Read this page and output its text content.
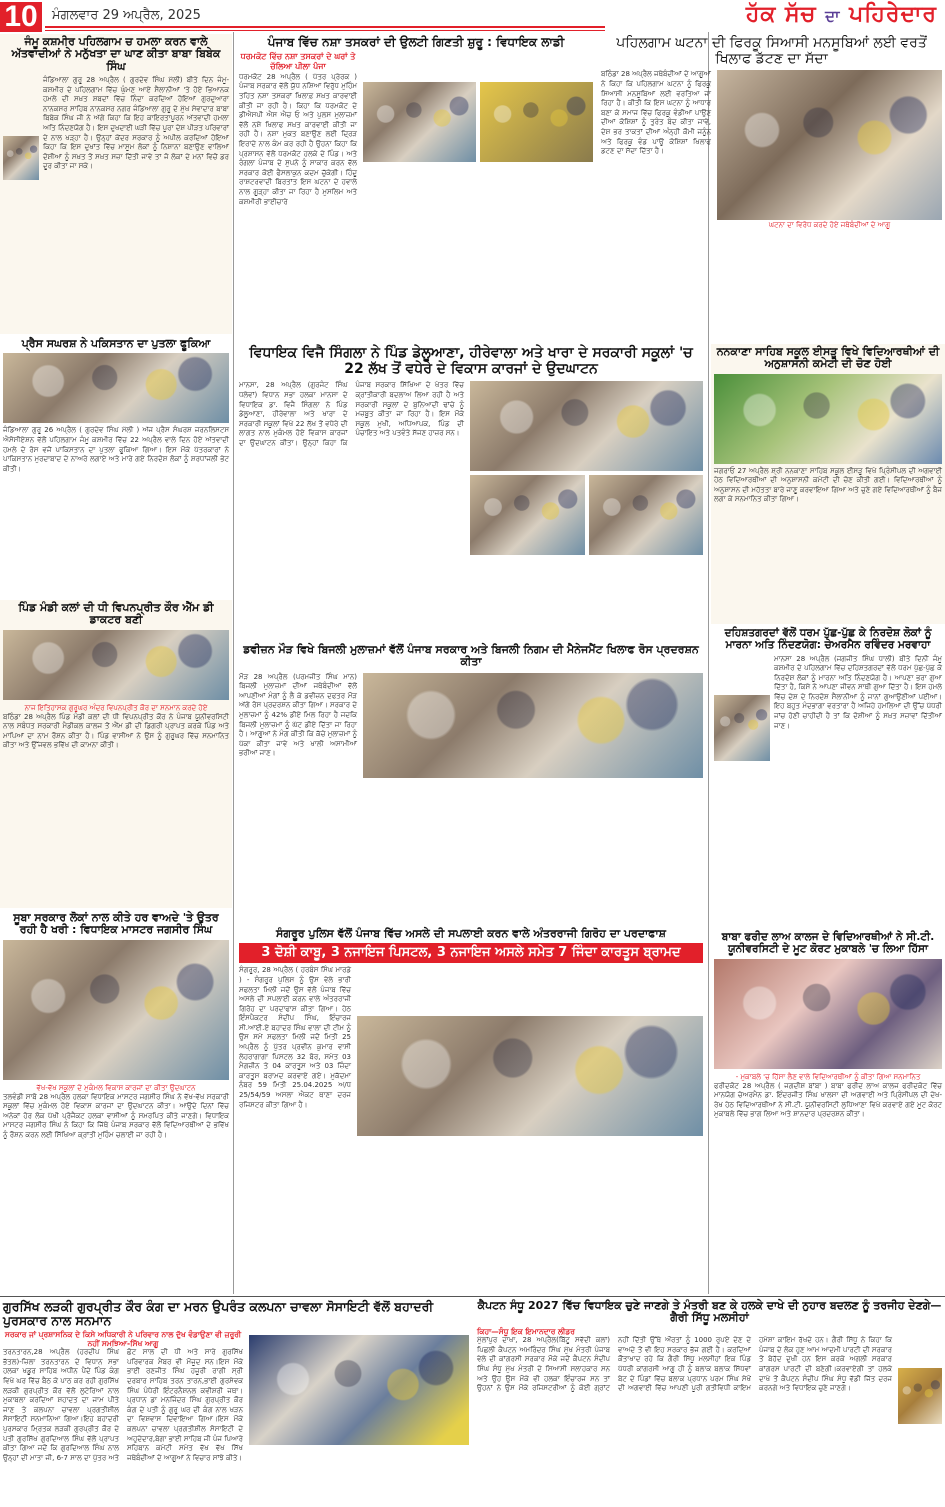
10	ਮੰਗਲਵਾਰ 29 ਅਪ੍ਰੈਲ, 2025	ਹੱਕ ਸੱਚ ਦਾ ਪਹਿਰੇਦਾਰ
ਜੰਮੂ ਕਸ਼ਮੀਰ ਪਹਿਲਗਾਮ ਚ ਹਮਲਾ ਕਰਨ ਵਾਲੇ ਅੱਤਵਾਦੀਆਂ ਨੇ ਮਨੁੱਖਤਾ ਦਾ ਘਾਣ ਕੀਤਾ ਬਾਬਾ ਬਿਬੇਕ ਸਿੰਘ
ਜੰਡਿਆਲਾ ਗੁਰੂ 28 ਅਪ੍ਰੈਲ ( ਗੁਰਦੇਵ ਸਿੰਘ ਮੱਲੀ) ਬੀਤੇ ਦਿਨ ਜੰਮੂ-ਕਸ਼ਮੀਰ ਦੇ ਪਹਿਲਗਾਮ ਵਿੱਚ ਘੁੰਮਣ ਆਏ ਸੈਲਾਨੀਆਂ 'ਤੇ ਹੋਏ ਭਿਆਨਕ ਹਮਲੇ ਦੀ ਸਖ਼ਤ ਸ਼ਬਦਾਂ ਵਿੱਚ ਨਿੰਦਾ ਕਰਦਿਆਂ ਹੋਇਆਂ ਗੁਰਦੁਆਰਾ ਨਾਨਕਸਰ ਸਾਹਿਬ ਨਾਨਕਸਰ ਨਗਰ ਜੰਡਿਆਲਾ ਗੁਰੂ ਦੇ ਮੁੱਖ ਸੇਵਾਦਾਰ ਬਾਬਾ ਬਿਬੇਕ ਸਿੰਘ ਜੀ ਨੇ ਅੱਗੇ ਕਿਹਾ ਕਿ ਇਹ ਕਾਇਰਤਾਪੂਰਨ ਅੱਤਵਾਦੀ ਹਮਲਾ ਅਤਿ ਨਿੰਦਣਯੋਗ ਹੈ। ਇਸ ਦੁਖਦਾਈ ਘੜੀ ਵਿੱਚ ਪੂਰਾ ਦੇਸ਼ ਪੀੜਤ ਪਰਿਵਾਰਾਂ ਦੇ ਨਾਲ ਖੜ੍ਹਾ ਹੈ। ਉਨ੍ਹਾਂ ਕੇਂਦਰ ਸਰਕਾਰ ਨੂੰ ਅਪੀਲ ਕਰਦਿਆਂ ਹੋਇਆਂ ਕਿਹਾ ਕਿ ਇਸ ਦੁਖਾਂਤ ਵਿੱਚ ਮਾਸੂਮ ਲੋਕਾਂ ਨੂੰ ਨਿਸ਼ਾਨਾ ਬਣਾਉਣ ਵਾਲਿਆਂ ਦੋਸ਼ੀਆਂ ਨੂੰ ਸਖ਼ਤ ਤੋਂ ਸਖ਼ਤ ਸਜ਼ਾ ਦਿੱਤੀ ਜਾਵੇ ਤਾਂ ਜੋ ਲੋਕਾਂ ਦੇ ਮਨਾਂ ਵਿਚੋਂ ਡਰ ਦੂਰ ਕੀਤਾ ਜਾ ਸਕੇ।
ਪ੍ਰੈਸ ਸਘਰਸ਼ ਨੇ ਪਕਿਸਤਾਨ ਦਾ ਪੁਤਲਾ ਫੂਕਿਆ
ਜੰਡਿਆਲਾ ਗੁਰੂ 26 ਅਪ੍ਰੈਲ ( ਗੁਰਦੇਵ ਸਿੰਘ ਮੱਲੀ ) ਅੱਜ ਪ੍ਰੈਸ ਸੰਘਰਸ਼ ਜਰਨਲਿਸਟਸ ਐਸੋਸੀਏਸ਼ਨ ਵੱਲੋਂ ਪਹਿਲਗਾਮ ਜੰਮੂ ਕਸ਼ਮੀਰ ਵਿੱਚ 22 ਅਪ੍ਰੈਲ ਵਾਲੇ ਦਿਨ ਹੋਏ ਅੱਤਵਾਦੀ ਹਮਲੇ ਦੇ ਰੋਸ ਵਜੋਂ ਪਾਕਿਸਤਾਨ ਦਾ ਪੁਤਲਾ ਫੂਕਿਆ ਗਿਆ। ਇਸ ਮੌਕੇ ਪੱਤਰਕਾਰਾਂ ਨੇ ਪਾਕਿਸਤਾਨ ਮੁਰਦਾਬਾਦ ਦੇ ਨਾਅਰੇ ਲਗਾਏ ਅਤੇ ਮਾਰੇ ਗਏ ਨਿਰਦੋਸ਼ ਲੋਕਾਂ ਨੂੰ ਸ਼ਰਧਾਂਜਲੀ ਭੇਟ ਕੀਤੀ।
ਪਿੰਡ ਮੰਡੀ ਕਲਾਂ ਦੀ ਧੀ ਵਿਪਨਪ੍ਰੀਤ ਕੌਰ ਐੱਮ ਡੀ ਡਾਕਟਰ ਬਣੀ
ਨਾਜ ਇਤਿਹਾਸਕ ਗੁਰੂਘਰ ਅੰਦਰ ਵਿਪਨਪ੍ਰੀਤ ਕੌਰ ਦਾ ਸਨਮਾਨ ਕਰਦੇ ਹੋਏ
ਬਠਿੰਡਾ 28 ਅਪ੍ਰੈਲ ਪਿੰਡ ਮੰਡੀ ਕਲਾਂ ਦੀ ਧੀ ਵਿਪਨਪ੍ਰੀਤ ਕੌਰ ਨੇ ਪੰਜਾਬ ਯੂਨੀਵਰਸਿਟੀ ਨਾਲ ਸਬੰਧਤ ਸਰਕਾਰੀ ਮੈਡੀਕਲ ਕਾਲਜ ਤੋਂ ਐੱਮ ਡੀ ਦੀ ਡਿਗਰੀ ਪ੍ਰਾਪਤ ਕਰਕੇ ਪਿੰਡ ਅਤੇ ਮਾਪਿਆਂ ਦਾ ਨਾਮ ਰੌਸ਼ਨ ਕੀਤਾ ਹੈ। ਪਿੰਡ ਵਾਸੀਆਂ ਨੇ ਉਸ ਨੂੰ ਗੁਰੂਘਰ ਵਿੱਚ ਸਨਮਾਨਿਤ ਕੀਤਾ ਅਤੇ ਉੱਜਵਲ ਭਵਿੱਖ ਦੀ ਕਾਮਨਾ ਕੀਤੀ।
ਸੂਬਾ ਸਰਕਾਰ ਲੋਕਾਂ ਨਾਲ ਕੀਤੇ ਹਰ ਵਾਅਦੇ 'ਤੇ ਉਤਰ ਰਹੀ ਹੈ ਖਰੀ : ਵਿਧਾਇਕ ਮਾਸਟਰ ਜਗਸੀਰ ਸਿੰਘ
ਵੱਖ-ਵੱਖ ਸਕੂਲਾਂ ਦੇ ਮੁਕੰਮਲ ਵਿਕਾਸ ਕਾਰਜਾਂ ਦਾ ਕੀਤਾ ਉਦਘਾਟਨ
ਤਲਵੰਡੀ ਸਾਬੋ 28 ਅਪ੍ਰੈਲ ਹਲਕਾ ਵਿਧਾਇਕ ਮਾਸਟਰ ਜਗਸੀਰ ਸਿੰਘ ਨੇ ਵੱਖ-ਵੱਖ ਸਰਕਾਰੀ ਸਕੂਲਾਂ ਵਿੱਚ ਮੁਕੰਮਲ ਹੋਏ ਵਿਕਾਸ ਕਾਰਜਾਂ ਦਾ ਉਦਘਾਟਨ ਕੀਤਾ। ਆਉਂਦੇ ਦਿਨਾਂ ਵਿੱਚ ਅਨੇਕਾਂ ਹੋਰ ਲੋਕ ਪੱਖੀ ਪ੍ਰੋਜੈਕਟ ਹਲਕਾ ਵਾਸੀਆਂ ਨੂੰ ਸਮਰਪਿਤ ਕੀਤੇ ਜਾਣਗੇ। ਵਿਧਾਇਕ ਮਾਸਟਰ ਜਗਸੀਰ ਸਿੰਘ ਨੇ ਕਿਹਾ ਕਿ ਜਿੱਥੇ ਪੰਜਾਬ ਸਰਕਾਰ ਵੱਲੋਂ ਵਿਦਿਆਰਥੀਆਂ ਦੇ ਭਵਿੱਖ ਨੂੰ ਰੌਸ਼ਨ ਕਰਨ ਲਈ ਸਿੱਖਿਆ ਕ੍ਰਾਂਤੀ ਮੁਹਿੰਮ ਚਲਾਈ ਜਾ ਰਹੀ ਹੈ।
ਪੰਜਾਬ ਵਿੱਚ ਨਸ਼ਾ ਤਸਕਰਾਂ ਦੀ ਉਲਟੀ ਗਿਣਤੀ ਸ਼ੁਰੂ : ਵਿਧਾਇਕ ਲਾਡੀ
ਧਰਮਕੋਟ ਵਿੱਚ ਨਸ਼ਾ ਤਸਕਰਾਂ ਦੇ ਘਰਾਂ ਤੇ ਚੱਲਿਆ ਪੀਲਾ ਪੰਜਾ
ਧਰਮਕੋਟ 28 ਅਪ੍ਰੈਲ ( ਪੱਤਰ ਪ੍ਰੇਰਕ ) ਪੰਜਾਬ ਸਰਕਾਰ ਵੱਲੋਂ ਯੁੱਧ ਨਸ਼ਿਆਂ ਵਿਰੁੱਧ ਮੁਹਿੰਮ ਤਹਿਤ ਨਸ਼ਾ ਤਸਕਰਾਂ ਖਿਲਾਫ਼ ਸਖ਼ਤ ਕਾਰਵਾਈ ਕੀਤੀ ਜਾ ਰਹੀ ਹੈ। ਕਿਹਾ ਕਿ ਧਰਮਕੋਟ ਦੇ ਡੀਐਸਪੀ ਐਸ ਐਚ ਓ ਅਤੇ ਪੁਲਸ ਮੁਲਾਜ਼ਮਾਂ ਵੱਲੋਂ ਨਸ਼ੇ ਖਿਲਾਫ ਸਖ਼ਤ ਕਾਰਵਾਈ ਕੀਤੀ ਜਾ ਰਹੀ ਹੈ। ਨਸ਼ਾ ਮੁਕਤ ਬਣਾਉਣ ਲਈ ਦ੍ਰਿੜ ਇਰਾਦੇ ਨਾਲ ਕੰਮ ਕਰ ਰਹੀ ਹੈ ਉਹਨਾ ਕਿਹਾ ਕਿ ਪ੍ਰਸ਼ਾਸਨ ਵੱਲੋਂ ਧਰਮਕੋਟ ਹਲਕੇ ਦੇ ਪਿੰਡ। ਅਤੇ ਰੰਗਲਾ ਪੰਜਾਬ ਦੇ ਸੁਪਨੇ ਨੂੰ ਸਾਕਾਰ ਕਰਨ ਵੱਲ ਸਰਕਾਰ ਕੋਈ ਫੈਸਲਾਕੁਨ ਕਦਮ ਚੁੱਕੇਗੀ। ਹਿੰਦੂ ਰਾਸ਼ਟਰਵਾਦੀ ਬਿਰਤਾਂਤ ਇਸ ਘਟਨਾ ਦੇ ਹਵਾਲੇ ਨਾਲ ਗੂੜ੍ਹਾ ਕੀਤਾ ਜਾ ਰਿਹਾ ਹੈ ਮੁਸਲਿਮ ਅਤੇ ਕਸ਼ਮੀਰੀ ਭਾਈਚਾਰੇ
ਪਹਿਲਗਾਮ ਘਟਨਾ ਦੀ ਫਿਰਕੂ ਸਿਆਸੀ ਮਨਸੂਬਿਆਂ ਲਈ ਵਰਤੋਂ ਖਿਲਾਫ ਡੱਟਣ ਦਾ ਸੱਦਾ
ਬਠਿੰਡਾ 28 ਅਪ੍ਰੈਲ ਜਥੇਬੰਦੀਆਂ ਦੇ ਆਗੂਆਂ ਨੇ ਕਿਹਾ ਕਿ ਪਹਿਲਗਾਮ ਘਟਨਾ ਨੂੰ ਫਿਰਕੂ ਸਿਆਸੀ ਮਨਸੂਬਿਆਂ ਲਈ ਵਰਤਿਆ ਜਾ ਰਿਹਾ ਹੈ। ਕੀਤੀ ਕਿ ਇਸ ਘਟਨਾ ਨੂੰ ਆਧਾਰ ਬਣਾ ਕੇ ਸਮਾਜ ਵਿੱਚ ਫਿਰਕੂ ਵੰਡੀਆਂ ਪਾਉਣ ਦੀਆਂ ਕੋਸ਼ਿਸ਼ਾਂ ਨੂੰ ਤੁਰੰਤ ਬੰਦ ਕੀਤਾ ਜਾਵੇ, ਦੇਸ਼ ਭਰ ਤਾਕਤਾਂ ਦੀਆਂ ਅੰਨ੍ਹੀ ਕੌਮੀ ਜਨੂੰਨ ਅਤੇ ਫਿਰਕੂ ਵੰਡ ਪਾਊ ਕੋਸ਼ਿਸ਼ਾਂ ਖਿਲਾਫ ਡਟਣ ਦਾ ਸੱਦਾ ਦਿੱਤਾ ਹੈ।
ਘਟਨਾ ਦਾ ਵਿਰੋਧ ਕਰਦੇ ਹੋਏ ਜਥੇਬੰਦੀਆਂ ਦੇ ਆਗੂ
ਵਿਧਾਇਕ ਵਿਜੈ ਸਿੰਗਲਾ ਨੇ ਪਿੰਡ ਡੇਲੂਆਣਾ, ਹੀਰੇਵਾਲਾ ਅਤੇ ਖਾਰਾ ਦੇ ਸਰਕਾਰੀ ਸਕੂਲਾਂ 'ਚ 22 ਲੱਖ ਤੋਂ ਵਧੇਰੇ ਦੇ ਵਿਕਾਸ ਕਾਰਜਾਂ ਦੇ ਉਦਘਾਟਨ
ਮਾਨਸਾ, 28 ਅਪ੍ਰੈਲ (ਗੁਰਜੰਟ ਸਿੰਘ ਧਲੇਵਾਂ) ਵਿਧਾਨ ਸਭਾ ਹਲਕਾ ਮਾਨਸਾ ਦੇ ਵਿਧਾਇਕ ਡਾ. ਵਿਜੈ ਸਿੰਗਲਾ ਨੇ ਪਿੰਡ ਡੇਲੂਆਣਾ, ਹੀਰੇਵਾਲਾ ਅਤੇ ਖਾਰਾ ਦੇ ਸਰਕਾਰੀ ਸਕੂਲਾਂ ਵਿਖੇ 22 ਲੱਖ ਤੋਂ ਵਧੇਰੇ ਦੀ ਲਾਗਤ ਨਾਲ ਮੁਕੰਮਲ ਹੋਏ ਵਿਕਾਸ ਕਾਰਜਾਂ ਦਾ ਉਦਘਾਟਨ ਕੀਤਾ। ਉਨ੍ਹਾਂ ਕਿਹਾ ਕਿ ਪੰਜਾਬ ਸਰਕਾਰ ਸਿੱਖਿਆ ਦੇ ਖੇਤਰ ਵਿੱਚ ਕ੍ਰਾਂਤੀਕਾਰੀ ਬਦਲਾਅ ਲਿਆ ਰਹੀ ਹੈ ਅਤੇ ਸਰਕਾਰੀ ਸਕੂਲਾਂ ਦੇ ਬੁਨਿਆਦੀ ਢਾਂਚੇ ਨੂੰ ਮਜ਼ਬੂਤ ਕੀਤਾ ਜਾ ਰਿਹਾ ਹੈ। ਇਸ ਮੌਕੇ ਸਕੂਲ ਮੁਖੀ, ਅਧਿਆਪਕ, ਪਿੰਡ ਦੀ ਪੰਚਾਇਤ ਅਤੇ ਪਤਵੰਤੇ ਸੱਜਣ ਹਾਜ਼ਰ ਸਨ।
ਨਨਕਾਣਾ ਸਾਹਿਬ ਸਕੂਲ ਈਸੜੂ ਵਿਖੇ ਵਿਦਿਆਰਥੀਆਂ ਦੀ ਅਨੁਸ਼ਾਸਨੀ ਕਮੇਟੀ ਦੀ ਚੋਣ ਹੋਈ
ਜਗਰਾਓਂ 27 ਅਪ੍ਰੈਲ ਸ਼੍ਰੀ ਨਨਕਾਣਾ ਸਾਹਿਬ ਸਕੂਲ ਈਸੜੂ ਵਿਖੇ ਪ੍ਰਿੰਸੀਪਲ ਦੀ ਅਗਵਾਈ ਹੇਠ ਵਿਦਿਆਰਥੀਆਂ ਦੀ ਅਨੁਸ਼ਾਸਨੀ ਕਮੇਟੀ ਦੀ ਚੋਣ ਕੀਤੀ ਗਈ। ਵਿਦਿਆਰਥੀਆਂ ਨੂੰ ਅਨੁਸ਼ਾਸਨ ਦੀ ਮਹੱਤਤਾ ਬਾਰੇ ਜਾਣੂ ਕਰਵਾਇਆ ਗਿਆ ਅਤੇ ਚੁਣੇ ਗਏ ਵਿਦਿਆਰਥੀਆਂ ਨੂੰ ਬੈਜ ਲਗਾ ਕੇ ਸਨਮਾਨਿਤ ਕੀਤਾ ਗਿਆ।
ਡਵੀਜ਼ਨ ਮੌੜ ਵਿਖੇ ਬਿਜਲੀ ਮੁਲਾਜ਼ਮਾਂ ਵੱਲੋਂ ਪੰਜਾਬ ਸਰਕਾਰ ਅਤੇ ਬਿਜਲੀ ਨਿਗਮ ਦੀ ਮੈਨੇਜਮੈਂਟ ਖਿਲਾਫ ਰੋਸ ਪ੍ਰਦਰਸ਼ਨ ਕੀਤਾ
ਮੌੜ 28 ਅਪ੍ਰੈਲ (ਪਰਮਜੀਤ ਸਿੰਘ ਮਾਨ) ਬਿਜਲੀ ਮੁਲਾਜ਼ਮਾਂ ਦੀਆਂ ਜਥੇਬੰਦੀਆਂ ਵੱਲੋਂ ਆਪਣੀਆਂ ਮੰਗਾਂ ਨੂੰ ਲੈ ਕੇ ਡਵੀਜ਼ਨ ਦਫਤਰ ਮੌੜ ਅੱਗੇ ਰੋਸ ਪ੍ਰਦਰਸ਼ਨ ਕੀਤਾ ਗਿਆ। ਸਰਕਾਰ ਦੇ ਮੁਲਾਜ਼ਮਾਂ ਨੂੰ 42% ਡੀਏ ਮਿਲ ਰਿਹਾ ਹੈ ਜਦਕਿ ਬਿਜਲੀ ਮੁਲਾਜ਼ਮਾਂ ਨੂੰ ਘੱਟ ਡੀਏ ਦਿੱਤਾ ਜਾ ਰਿਹਾ ਹੈ। ਆਗੂਆਂ ਨੇ ਮੰਗ ਕੀਤੀ ਕਿ ਕੱਚੇ ਮੁਲਾਜ਼ਮਾਂ ਨੂੰ ਪੱਕਾ ਕੀਤਾ ਜਾਵੇ ਅਤੇ ਖਾਲੀ ਅਸਾਮੀਆਂ ਭਰੀਆਂ ਜਾਣ।
ਦਹਿਸ਼ਤਗਰਦਾਂ ਵੱਲੋਂ ਧਰਮ ਪੁੱਛ-ਪੁੱਛ ਕੇ ਨਿਰਦੋਸ਼ ਲੋਕਾਂ ਨੂੰ ਮਾਰਨਾ ਅਤਿ ਨਿੰਦਣਯੋਗ: ਚੇਅਰਮੈਨ ਰਵਿੰਦਰ ਮਰਵਾਹਾ
ਮਾਨਸਾ 28 ਅਪ੍ਰੈਲ (ਜਗਜੀਤ ਸਿੰਘ ਧਾਲੀ) ਬੀਤੇ ਦਿਨੀਂ ਜੰਮੂ ਕਸ਼ਮੀਰ ਦੇ ਪਹਿਲਗਾਮ ਵਿੱਚ ਦਹਿਸ਼ਤਗਰਦਾਂ ਵੱਲੋਂ ਧਰਮ ਪੁੱਛ-ਪੁੱਛ ਕੇ ਨਿਰਦੋਸ਼ ਲੋਕਾਂ ਨੂੰ ਮਾਰਨਾ ਅਤਿ ਨਿੰਦਣਯੋਗ ਹੈ। ਆਪਣਾ ਭਰਾ ਗੁਆ ਦਿੱਤਾ ਹੈ, ਕਿਸੇ ਨੇ ਆਪਣਾ ਜੀਵਨ ਸਾਥੀ ਗੁਆ ਦਿੱਤਾ ਹੈ। ਇਸ ਹਮਲੇ ਵਿੱਚ ਦੇਸ਼ ਦੇ ਨਿਰਦੋਸ਼ ਸੈਲਾਨੀਆਂ ਨੂੰ ਜਾਨਾਂ ਗੁਆਉਣੀਆਂ ਪਈਆਂ। ਇਹ ਬਹੁਤ ਮੰਦਭਾਗਾ ਵਰਤਾਰਾ ਹੈ ਅਜਿਹੇ ਹਮਲਿਆਂ ਦੀ ਉੱਚ ਪੱਧਰੀ ਜਾਂਚ ਹੋਣੀ ਚਾਹੀਦੀ ਹੈ ਤਾਂ ਕਿ ਦੋਸ਼ੀਆਂ ਨੂੰ ਸਖ਼ਤ ਸਜ਼ਾਵਾਂ ਦਿੱਤੀਆਂ ਜਾਣ।
ਸੰਗਰੂਰ ਪੁਲਿਸ ਵੱਲੋਂ ਪੰਜਾਬ ਵਿੱਚ ਅਸਲੇ ਦੀ ਸਪਲਾਈ ਕਰਨ ਵਾਲੇ ਅੰਤਰਰਾਜੀ ਗਿਰੋਹ ਦਾ ਪਰਦਾਫਾਸ਼
3 ਦੋਸ਼ੀ ਕਾਬੂ, 3 ਨਜਾਇਜ ਪਿਸਟਲ, 3 ਨਜਾਇਜ ਅਸਲੇ ਸਮੇਤ 7 ਜਿੰਦਾ ਕਾਰਤੂਸ ਬ੍ਰਾਮਦ
ਸੰਗਰੂਰ, 28 ਅਪ੍ਰੈਲ ( ਹਰਬੰਸ ਸਿੰਘ ਮਾਰਡੇ ) - ਸੰਗਰੂਰ ਪੁਲਿਸ ਨੂੰ ਉਸ ਵੇਲੇ ਭਾਰੀ ਸਫਲਤਾ ਮਿਲੀ ਜਦੋਂ ਉਸ ਵੱਲੋਂ ਪੰਜਾਬ ਵਿੱਚ ਅਸਲੇ ਦੀ ਸਪਲਾਈ ਕਰਨ ਵਾਲੇ ਅੰਤਰਰਾਜੀ ਗਿਰੋਹ ਦਾ ਪਰਦਾਫਾਸ਼ ਕੀਤਾ ਗਿਆ। ਹੇਠ ਇੰਸਪੈਕਟਰ ਸੰਦੀਪ ਸਿੰਘ, ਇੰਚਾਰਜ ਸੀ.ਆਈ.ਏ ਬਹਾਦਰ ਸਿੰਘ ਵਾਲਾ ਦੀ ਟੀਮ ਨੂੰ ਉਸ ਸਮੇਂ ਸਫਲਤਾ ਮਿਲੀ ਜਦੋਂ ਮਿਤੀ 25 ਅਪ੍ਰੈਲ ਨੂੰ ਪੁੱਤਰ ਪ੍ਰਵੀਨ ਕੁਮਾਰ ਵਾਸੀ ਲੇਹਰਾਗਾਗਾ ਪਿਸਟਲ 32 ਬੋਰ, ਸਮੇਤ 03 ਮੈਗਜ਼ੀਨ ਤੇ 04 ਕਾਰਤੂਸ ਅਤੇ 03 ਜ਼ਿੰਦਾ ਕਾਰਤੂਸ ਬਰਾਮਦ ਕਰਵਾਏ ਗਏ। ਮੁਕੱਦਮਾ ਨੰਬਰ 59 ਮਿਤੀ 25.04.2025 ਅ/ਧ 25/54/59 ਅਸਲਾ ਐਕਟ ਥਾਣਾ ਦਰਜ ਰਜਿਸਟਰ ਕੀਤਾ ਗਿਆ ਹੈ।
ਬਾਬਾ ਫਰੀਦ ਲਾਅ ਕਾਲਜ ਦੇ ਵਿਦਿਆਰਥੀਆਂ ਨੇ ਸੀ.ਟੀ. ਯੂਨੀਵਰਸਿਟੀ ਦੇ ਮੂਟ ਕੋਰਟ ਮੁਕਾਬਲੇ 'ਚ ਲਿਆ ਹਿੱਸਾ
- ਮੁਕਾਬਲੇ 'ਚ ਹਿੱਸਾ ਲੈਣ ਵਾਲੇ ਵਿਦਿਆਰਥੀਆਂ ਨੂੰ ਕੀਤਾ ਗਿਆ ਸਨਮਾਨਿਤ
ਫਰੀਦਕੋਟ 28 ਅਪ੍ਰੈਲ ( ਜਗਦੀਸ਼ ਬਾਂਬਾ ) ਬਾਬਾ ਫਰੀਦ ਲਾਅ ਕਾਲਜ ਫਰੀਦਕੋਟ ਵਿੱਚ ਮਾਨਯੋਗ ਚੇਅਰਮੈਨ ਡਾ. ਇੰਦਰਜੀਤ ਸਿੰਘ ਖਾਲਸਾ ਦੀ ਅਗਵਾਈ ਅਤੇ ਪ੍ਰਿੰਸੀਪਲ ਦੀ ਦੇਖ-ਰੇਖ ਹੇਠ ਵਿਦਿਆਰਥੀਆਂ ਨੇ ਸੀ.ਟੀ. ਯੂਨੀਵਰਸਿਟੀ ਲੁਧਿਆਣਾ ਵਿਖੇ ਕਰਵਾਏ ਗਏ ਮੂਟ ਕੋਰਟ ਮੁਕਾਬਲੇ ਵਿੱਚ ਭਾਗ ਲਿਆ ਅਤੇ ਸ਼ਾਨਦਾਰ ਪ੍ਰਦਰਸ਼ਨ ਕੀਤਾ।
ਗੁਰਸਿੱਖ ਲੜਕੀ ਗੁਰਪ੍ਰੀਤ ਕੌਰ ਕੰਗ ਦਾ ਮਰਨ ਉਪਰੰਤ ਕਲਪਨਾ ਚਾਵਲਾ ਸੋਸਾਇਟੀ ਵੱਲੋਂ ਬਹਾਦਰੀ ਪੁਰਸਕਾਰ ਨਾਲ ਸਨਮਾਨ
ਸਰਕਾਰ ਜਾਂ ਪ੍ਰਸ਼ਾਸਨਿਕ ਦੇ ਕਿਸੇ ਅਧਿਕਾਰੀ ਨੇ ਪਰਿਵਾਰ ਨਾਲ ਦੁੱਖ ਵੰਡਾਉਣਾ ਵੀ ਜ਼ਰੂਰੀ ਨਹੀਂ ਸਮਝਿਆ-ਸਿੱਖ ਆਗੂ
ਤਰਨਤਾਰਨ,28 ਅਪ੍ਰੈਲ (ਹਰਦੀਪ ਸਿੰਘ ਭੱਤਲ)-ਜ਼ਿਲਾ ਤਰਨਤਾਰਨ ਦੇ ਵਿਧਾਨ ਸਭਾ ਹਲਕਾ ਖਡੂਰ ਸਾਹਿਬ ਅਧੀਨ ਪੈਂਦੇ ਪਿੰਡ ਕੰਗ ਵਿਖੇ ਘਰ ਵਿੱਚ ਬੈਠ ਕੇ ਪਾਠ ਕਰ ਰਹੀ ਗੁਰਸਿੱਖ ਲੜਕੀ ਗੁਰਪ੍ਰੀਤ ਕੌਰ ਵੱਲੋਂ ਲੁਟੇਰਿਆਂ ਨਾਲ ਮੁਕਾਬਲਾ ਕਰਦਿਆਂ ਸ਼ਹਾਦਤ ਦਾ ਜਾਮ ਪੀਤੇ ਜਾਣ ਤੇ ਕਲਪਨਾ ਚਾਵਲਾ ਪ੍ਰਗਤੀਸ਼ੀਲ ਸੋਸਾਇਟੀ ਸਨਮਾਨਿਆ ਗਿਆ।ਇਹ ਬਹਾਦਰੀ ਪੁਰਸਕਾਰ ਮ੍ਰਿਤਕ ਲੜਕੀ ਗੁਰਪ੍ਰੀਤ ਕੌਰ ਦੇ ਪਤੀ ਗੁਰਸਿੱਖ ਗੁਰਦਿਆਲ ਸਿੰਘ ਵੱਲੋਂ ਪ੍ਰਾਪਤ ਕੀਤਾ ਗਿਆ ਜਦੋਂ ਕਿ ਗੁਰਦਿਆਲ ਸਿੰਘ ਨਾਲ ਉਨ੍ਹਾਂ ਦੀ ਮਾਤਾ ਜੀ, 6-7 ਸਾਲ ਦਾ ਪੁੱਤਰ ਅਤੇ ਛੋਟ ਸਾਲ ਦੀ ਧੀ ਅਤੇ ਸਾਰੇ ਗੁਰਸਿੱਖ ਪਰਿਵਾਰਕ ਮੈਂਬਰ ਵੀ ਮੌਜੂਦ ਸਨ।ਇਸ ਮੌਕੇ ਭਾਈ ਰਣਜੀਤ ਸਿੰਘ ਹਜ਼ੂਰੀ ਰਾਗੀ ਸ੍ਰੀ ਦਰਬਾਰ ਸਾਹਿਬ ਤਰਨ ਤਾਰਨ,ਭਾਈ ਗੁਰਸੇਵਕ ਸਿੰਘ ਪੰਧੇਰੀ ਇੰਟਰਨੈਸ਼ਨਲ ਕਵੀਸ਼ਰੀ ਜਥਾ। ਪ੍ਰਧਾਨ ਡਾ ਮਨਜਿੰਦਰ ਸਿੰਘ ਗੁਰਪ੍ਰੀਤ ਕੌਰ ਕੰਗ ਦੇ ਪਤੀ ਨੂੰ ਗੁਰੂ ਘਰ ਦੀ ਕੰਗ ਨਾਲ ਖੜਨ ਦਾ ਵਿਸ਼ਵਾਸ ਦਿਵਾਇਆ ਗਿਆ।ਇਸ ਮੌਕੇ ਕਲਪਨਾ ਚਾਵਲਾ ਪ੍ਰਗਤੀਸ਼ੀਲ ਸੋਸਾਇਟੀ ਦੇ ਅਹੁਦੇਦਾਰ,ਬੇਗਾ ਭਾਈ ਸਾਹਿਬ ਜੀ ਪੰਜ ਪਿਆਰੇ ਸਹਿਬਾਨ ਕਮੇਟੀ ਸਮੇਤ ਵੱਖ ਵੱਖ ਸਿੱਖ ਜਥੇਬੰਦੀਆਂ ਦੇ ਆਗੂਆਂ ਨੇ ਵਿਚਾਰ ਸਾਂਝੇ ਕੀਤੇ।
ਕੈਪਟਨ ਸੰਧੂ 2027 ਵਿੱਚ ਵਿਧਾਇਕ ਚੁਣੇ ਜਾਣਗੇ ਤੇ ਮੰਤਰੀ ਬਣ ਕੇ ਹਲਕੇ ਦਾਖੇ ਦੀ ਨੁਹਾਰ ਬਦਲਣ ਨੂੰ ਤਰਜੀਹ ਦੇਣਗੇ—ਗੈਰੀ ਸਿੱਧੂ ਮਲਸੀਹਾਂ
ਕਿਹਾ—ਸੰਧੂ ਇਕ ਇਮਾਨਦਾਰ ਲੀਡਰ
ਮੁੱਲਾਂਪੁਰ ਦਾਖਾ, 28 ਅਪ੍ਰੈਲ(ਬਿੱਟੂ ਸਵੱਦੀ ਕਲਾਂ) ਪਿਛਲੀ ਕੈਪਟਨ ਅਮਰਿੰਦਰ ਸਿੰਘ ਮੁੱਖ ਮੰਤਰੀ ਪੰਜਾਬ ਵੇਲੇ ਦੀ ਕਾਂਗਰਸੀ ਸਰਕਾਰ ਮੌਕੇ ਜਦੋਂ ਕੈਪਟਨ ਸੰਦੀਪ ਸਿੰਘ ਸੰਧੂ ਮੁੱਖ ਮੰਤਰੀ ਦੇ ਸਿਆਸੀ ਸਲਾਹਕਾਰ ਸਨ ਅਤੇ ਉਹ ਉਸ ਮੌਕੇ ਵੀ ਹਲਕਾ ਇੰਚਾਰਜ ਸਨ ਤਾਂ ਉਹਨਾਂ ਨੇ ਉਸ ਮੌਕੇ ਰਜਿਸਟਰੀਆਂ ਨੂੰ ਕੋਈ ਗ੍ਰਾਂਟ ਨਹੀਂ ਦਿੱਤੀ ਉੱਥੇ ਔਰਤਾਂ ਨੂੰ 1000 ਰੁਪਏ ਦੇਣ ਦੇ ਵਾਅਦੇ ਤੋਂ ਵੀ ਇਹ ਸਰਕਾਰ ਭੱਜ ਗਈ ਹੈ। ਕਰਦਿਆਂ ਕੌਂਤਾਖਾਦ ਰਹੇ ਕਿ ਗੈਰੀ ਸਿੱਧੂ ਮਲਸੀਹਾਂ ਇਕ ਪਿੰਡ ਪੱਧਰੀ ਕਾਂਗਰਸੀ ਆਗੂ ਹੀ ਨੂੰ ਬਲਾਕ ਬਲਾਕ ਸਿੱਧਵਾਂ ਬੇਟ ਦੇ ਪਿੰਡਾਂ ਵਿੱਚ ਬਲਾਕ ਪ੍ਰਧਾਨ ਪਰਮ ਸਿੰਘ ਸੇਖੋਂ ਦੀ ਅਗਵਾਈ ਵਿੱਚ ਆਪਣੀ ਪੂਰੀ ਗਤੀਵਿਧੀ ਕਾਇਮ ਹਮੇਸ਼ਾ ਕਾਇਮ ਰੱਖਦੇ ਹਨ। ਗੈਰੀ ਸਿੱਧੂ ਨੇ ਕਿਹਾ ਕਿ ਪੰਜਾਬ ਦੇ ਲੋਕ ਹੁਣ ਆਮ ਆਦਮੀ ਪਾਰਟੀ ਦੀ ਸਰਕਾਰ ਤੋਂ ਬੇਹੱਦ ਦੁਖੀ ਹਨ ਇਸ ਕਰਕੇ ਅਗਲੀ ਸਰਕਾਰ ਕਾਂਗਰਸ ਪਾਰਟੀ ਦੀ ਬਣੇਗੀ।ਕਰਵਾਏਗੀ ਤਾਂ ਹਲਕੇ ਦਾਖੇ ਤੋਂ ਕੈਪਟਨ ਸੰਦੀਪ ਸਿੰਘ ਸੰਧੂ ਵੱਡੀ ਜਿੱਤ ਦਰਜ ਕਰਨਗੇ ਅਤੇ ਵਿਧਾਇਕ ਚੁਣੇ ਜਾਣਗੇ।
